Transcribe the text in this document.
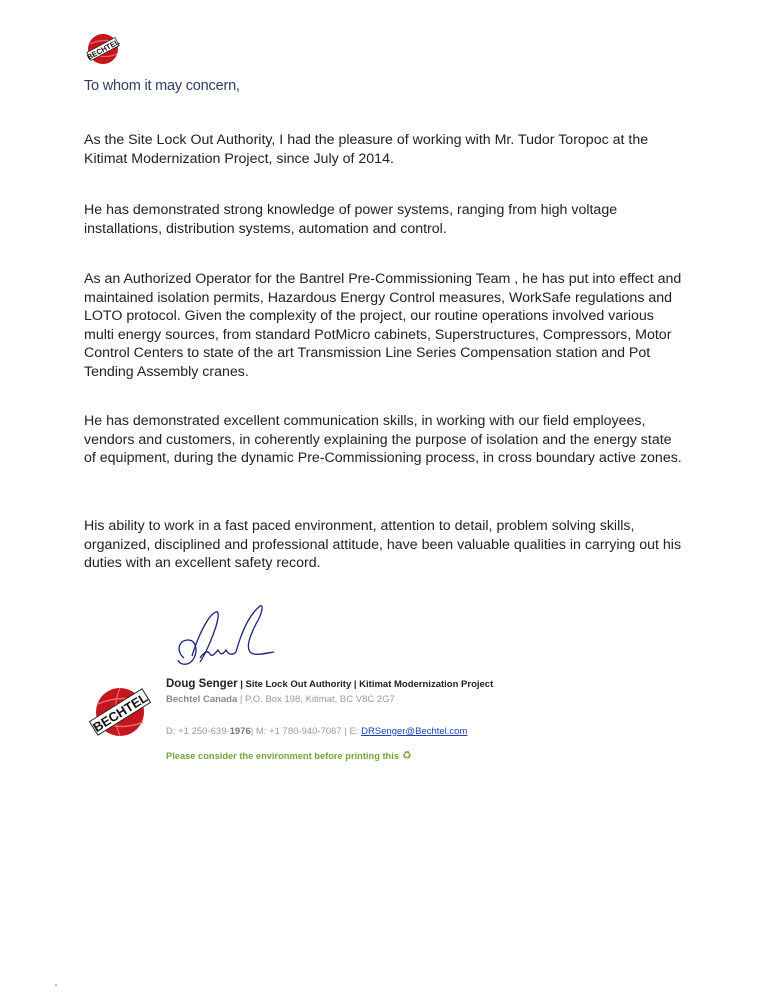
BECHTEL
To whom it may concern,

As the Site Lock Out Authority, I had the pleasure of working with Mr. Tudor Toropoc at the Kitimat Modernization Project, since July of 2014.

He has demonstrated strong knowledge of power systems, ranging from high voltage installations, distribution systems, automation and control.

As an Authorized Operator for the Bantrel Pre-Commissioning Team , he has put into effect and maintained isolation permits, Hazardous Energy Control measures, WorkSafe regulations and LOTO protocol. Given the complexity of the project, our routine operations involved various multi energy sources, from standard PotMicro cabinets, Superstructures, Compressors, Motor Control Centers to state of the art Transmission Line Series Compensation station and Pot Tending Assembly cranes.

He has demonstrated excellent communication skills, in working with our field employees, vendors and customers, in coherently explaining the purpose of isolation and the energy state of equipment, during the dynamic Pre-Commissioning process, in cross boundary active zones.

His ability to work in a fast paced environment, attention to detail, problem solving skills, organized, disciplined and professional attitude, have been valuable qualities in carrying out his duties with an excellent safety record.

BECHTEL
Doug Senger | Site Lock Out Authority | Kitimat Modernization Project
Bechtel Canada | P.O. Box 198, Kitimat, BC V8C 2G7
D: +1 250-639-1976| M: +1 780-940-7067 | E: DRSenger@Bechtel.com
Please consider the environment before printing this ♻
